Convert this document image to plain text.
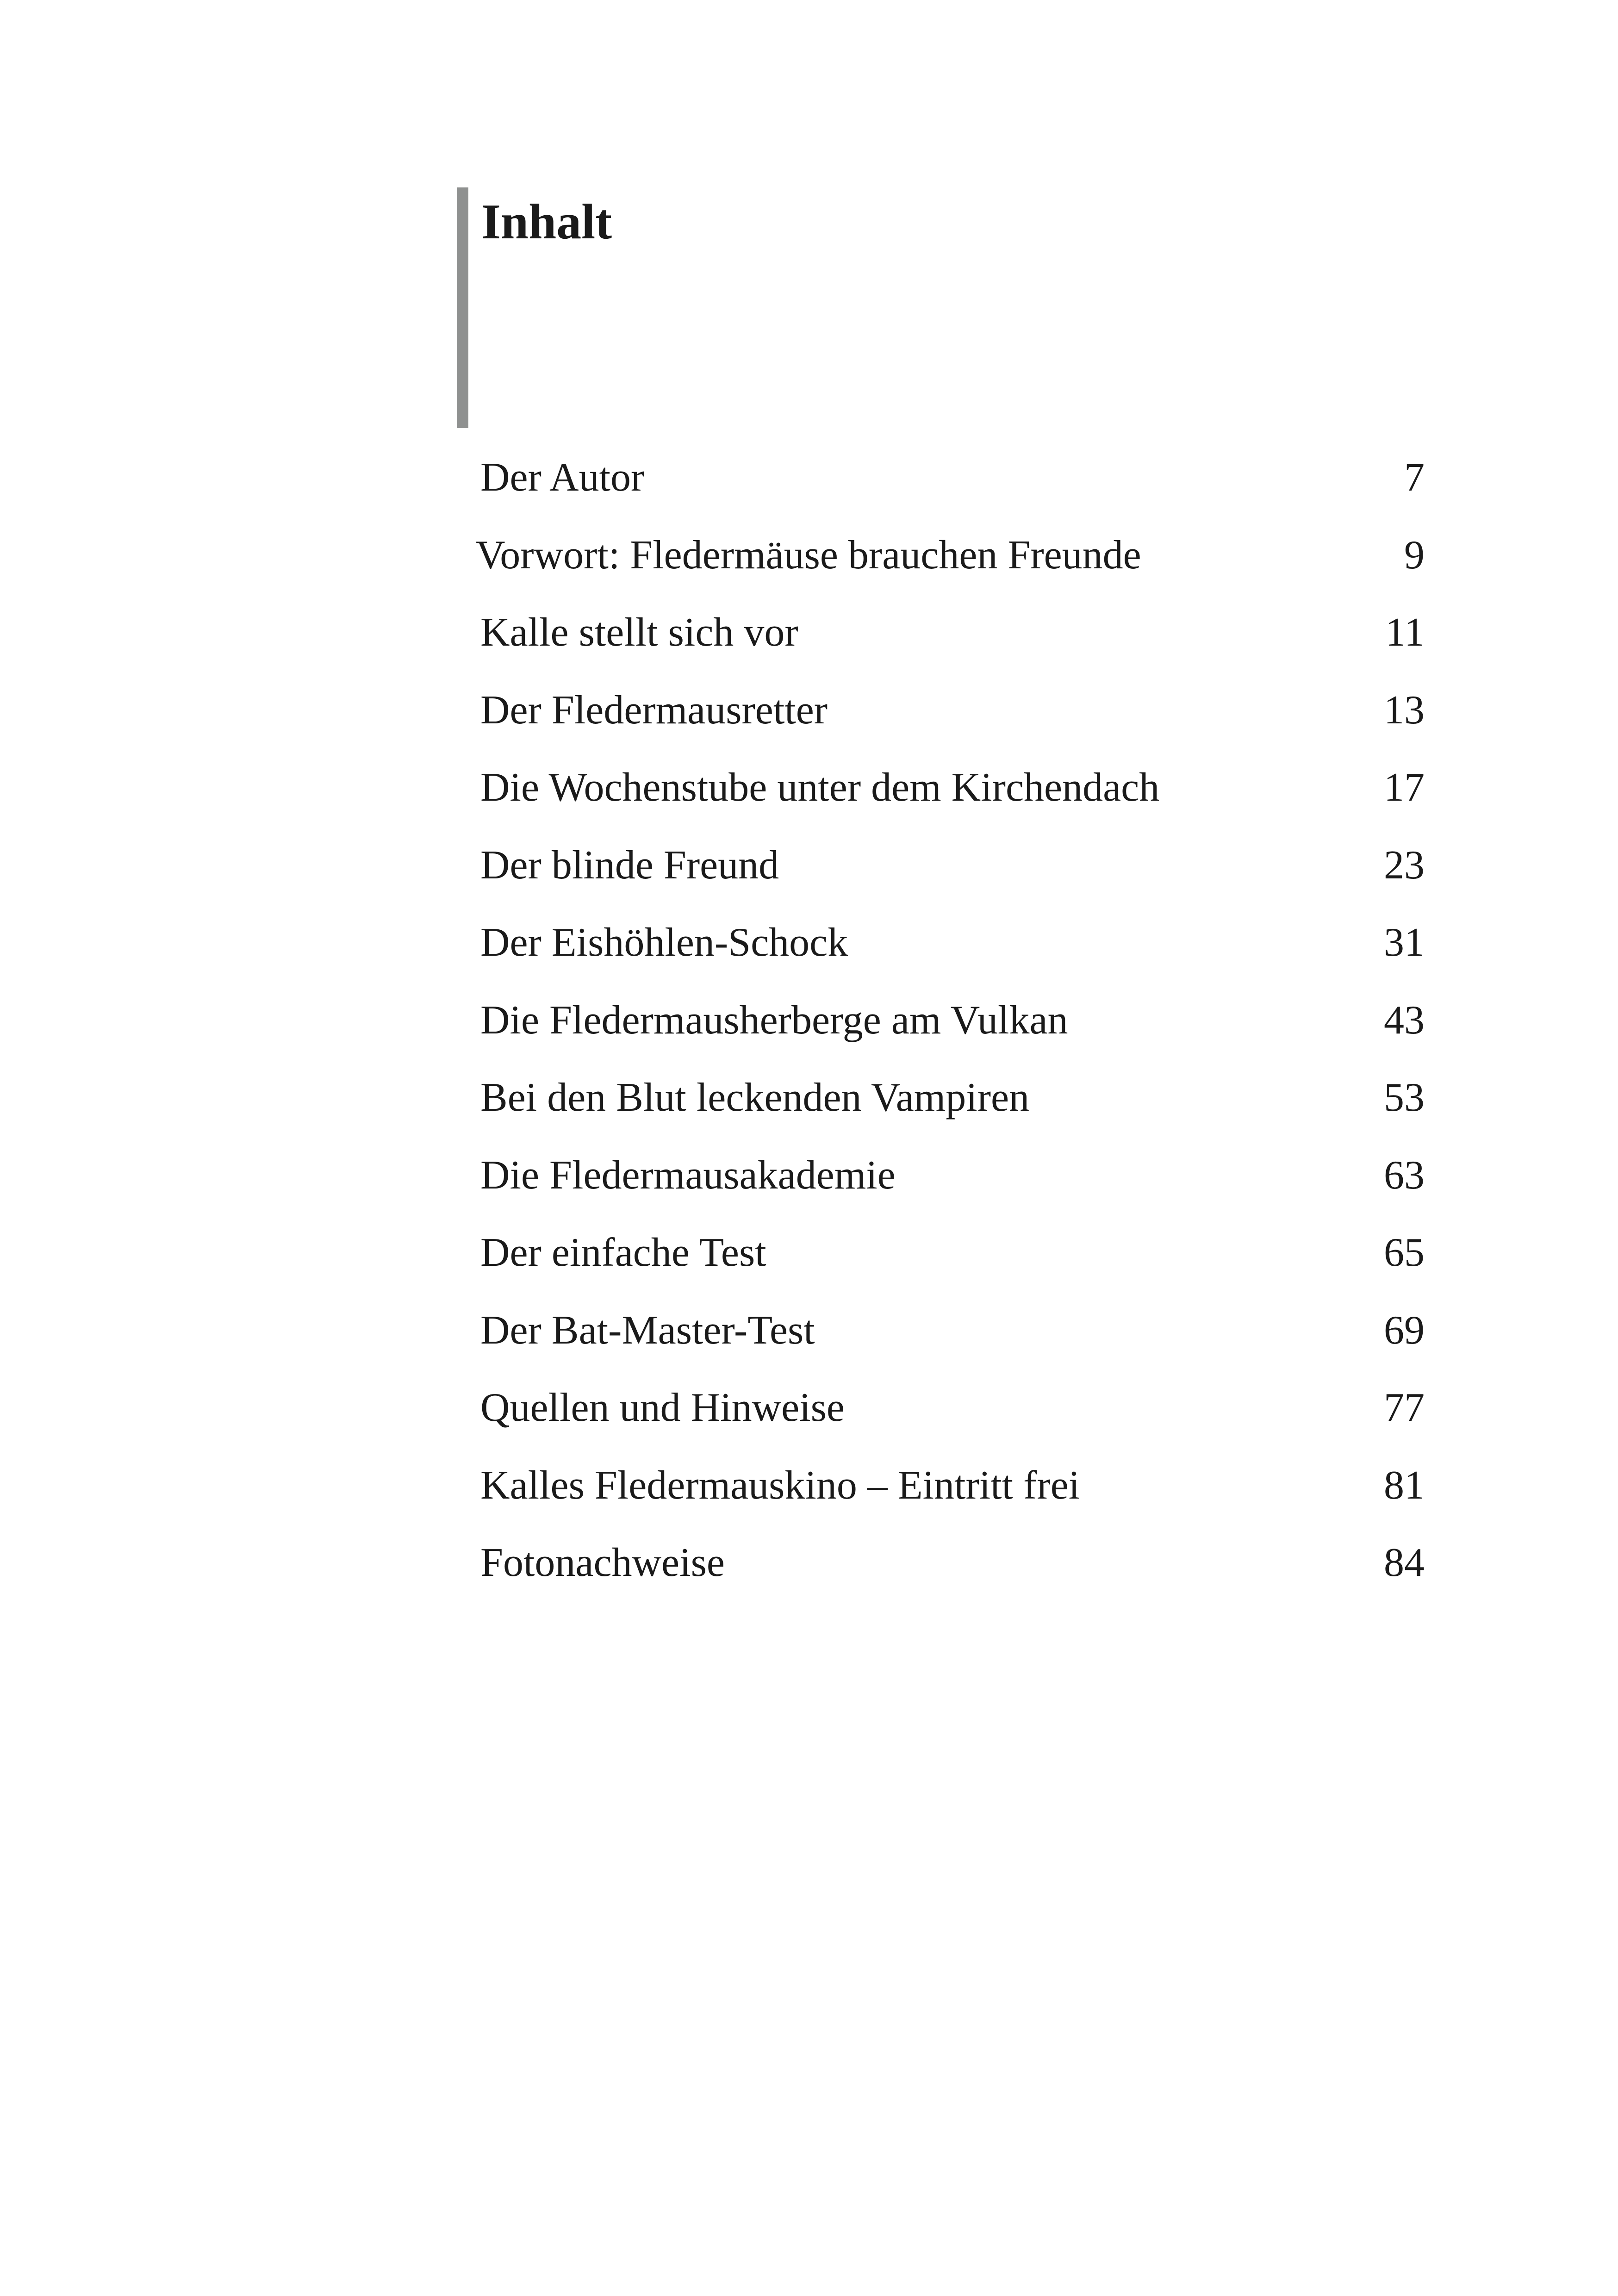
Inhalt
Der Autor	7
Vorwort: Fledermäuse brauchen Freunde	9
Kalle stellt sich vor	11
Der Fledermausretter	13
Die Wochenstube unter dem Kirchendach	17
Der blinde Freund	23
Der Eishöhlen-Schock	31
Die Fledermausherberge am Vulkan	43
Bei den Blut leckenden Vampiren	53
Die Fledermausakademie	63
Der einfache Test	65
Der Bat-Master-Test	69
Quellen und Hinweise	77
Kalles Fledermauskino – Eintritt frei	81
Fotonachweise	84
